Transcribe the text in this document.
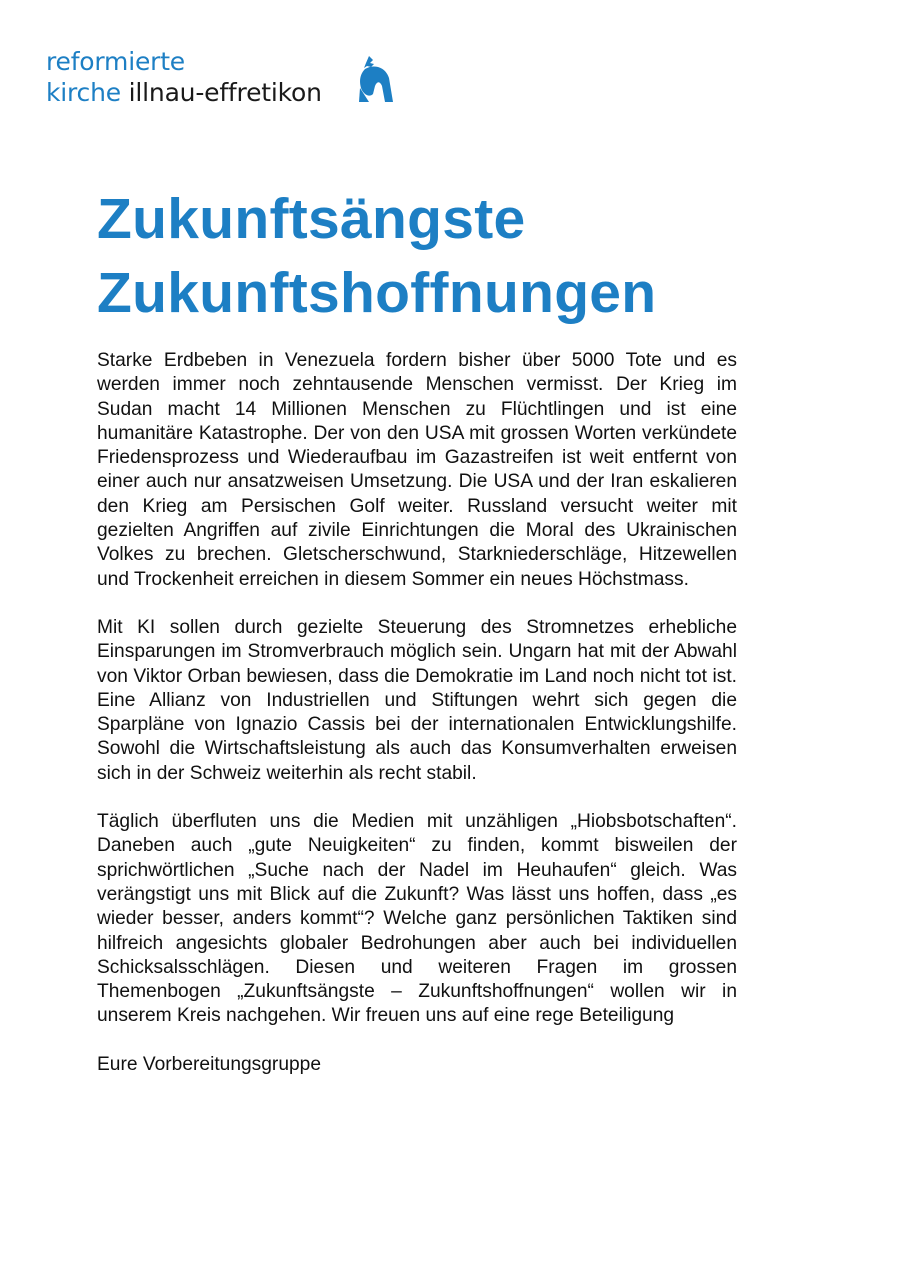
reformierte
kirche illnau-effretikon
Zukunftsängste
Zukunftshoffnungen

Starke Erdbeben in Venezuela fordern bisher über 5000 Tote und es werden immer noch zehntausende Menschen vermisst. Der Krieg im Sudan macht 14 Millionen Menschen zu Flüchtlingen und ist eine humanitäre Katastrophe. Der von den USA mit grossen Worten verkündete Friedensprozess und Wiederaufbau im Gazastreifen ist weit entfernt von einer auch nur ansatzweisen Umsetzung. Die USA und der Iran eskalieren den Krieg am Persischen Golf weiter. Russland versucht weiter mit gezielten Angriffen auf zivile Einrichtungen die Moral des Ukrainischen Volkes zu brechen. Gletscherschwund, Starkniederschläge, Hitzewellen und Trockenheit erreichen in diesem Sommer ein neues Höchstmass.

Mit KI sollen durch gezielte Steuerung des Stromnetzes erhebliche Einsparungen im Stromverbrauch möglich sein. Ungarn hat mit der Abwahl von Viktor Orban bewiesen, dass die Demokratie im Land noch nicht tot ist. Eine Allianz von Industriellen und Stiftungen wehrt sich gegen die Sparpläne von Ignazio Cassis bei der internationalen Entwicklungshilfe. Sowohl die Wirtschaftsleistung als auch das Konsumverhalten erweisen sich in der Schweiz weiterhin als recht stabil.

Täglich überfluten uns die Medien mit unzähligen „Hiobsbotschaften“. Daneben auch „gute Neuigkeiten“ zu finden, kommt bisweilen der sprichwörtlichen „Suche nach der Nadel im Heuhaufen“ gleich. Was verängstigt uns mit Blick auf die Zukunft? Was lässt uns hoffen, dass „es wieder besser, anders kommt“? Welche ganz persönlichen Taktiken sind hilfreich angesichts globaler Bedrohungen aber auch bei individuellen Schicksalsschlägen. Diesen und weiteren Fragen im grossen Themenbogen „Zukunftsängste – Zukunftshoffnungen“ wollen wir in unserem Kreis nachgehen. Wir freuen uns auf eine rege Beteiligung

Eure Vorbereitungsgruppe
